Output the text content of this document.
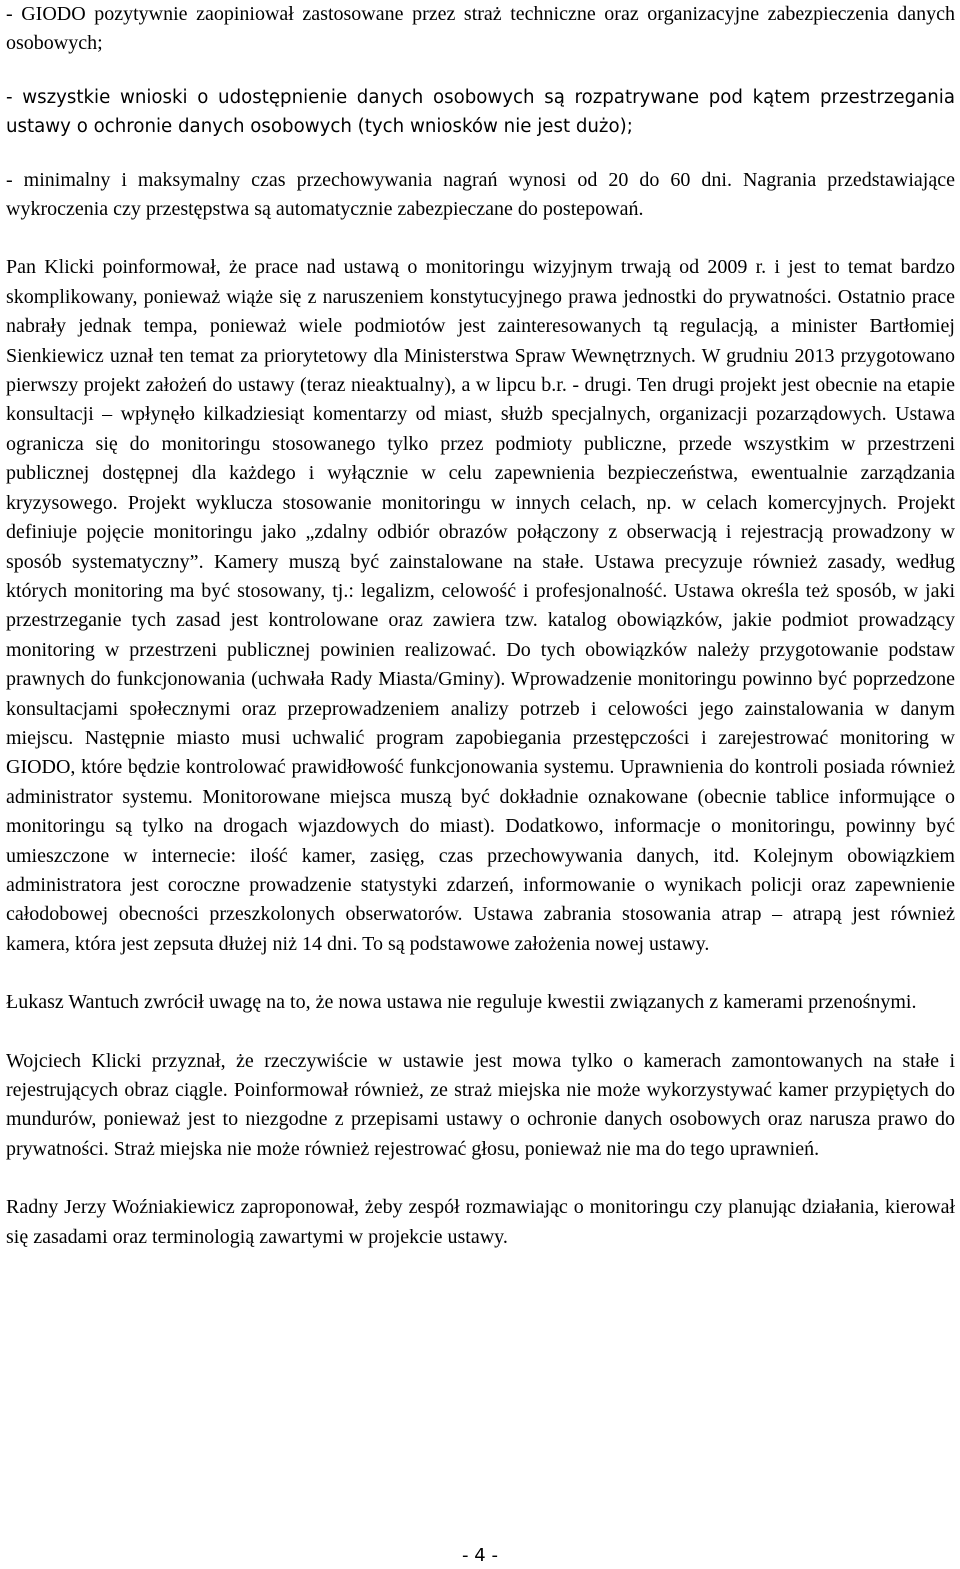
- GIODO pozytywnie zaopiniował zastosowane przez straż techniczne oraz organizacyjne zabezpieczenia danych osobowych;

- wszystkie wnioski o udostępnienie danych osobowych są rozpatrywane pod kątem przestrzegania ustawy o ochronie danych osobowych (tych wniosków nie jest dużo);

- minimalny i maksymalny czas przechowywania nagrań wynosi od 20 do 60 dni. Nagrania przedstawiające wykroczenia czy przestępstwa są automatycznie zabezpieczane do postepowań.

Pan Klicki poinformował, że prace nad ustawą o monitoringu wizyjnym trwają od 2009 r. i jest to temat bardzo skomplikowany, ponieważ wiąże się z naruszeniem konstytucyjnego prawa jednostki do prywatności. Ostatnio prace nabrały jednak tempa, ponieważ wiele podmiotów jest zainteresowanych tą regulacją, a minister Bartłomiej Sienkiewicz uznał ten temat za priorytetowy dla Ministerstwa Spraw Wewnętrznych. W grudniu 2013 przygotowano pierwszy projekt założeń do ustawy (teraz nieaktualny), a w lipcu b.r. - drugi. Ten drugi projekt jest obecnie na etapie konsultacji – wpłynęło kilkadziesiąt komentarzy od miast, służb specjalnych, organizacji pozarządowych. Ustawa ogranicza się do monitoringu stosowanego tylko przez podmioty publiczne, przede wszystkim w przestrzeni publicznej dostępnej dla każdego i wyłącznie w celu zapewnienia bezpieczeństwa, ewentualnie zarządzania kryzysowego. Projekt wyklucza stosowanie monitoringu w innych celach, np. w celach komercyjnych. Projekt definiuje pojęcie monitoringu jako „zdalny odbiór obrazów połączony z obserwacją i rejestracją prowadzony w sposób systematyczny”. Kamery muszą być zainstalowane na stałe. Ustawa precyzuje również zasady, według których monitoring ma być stosowany, tj.: legalizm, celowość i profesjonalność. Ustawa określa też sposób, w jaki przestrzeganie tych zasad jest kontrolowane oraz zawiera tzw. katalog obowiązków, jakie podmiot prowadzący monitoring w przestrzeni publicznej powinien realizować. Do tych obowiązków należy przygotowanie podstaw prawnych do funkcjonowania (uchwała Rady Miasta/Gminy). Wprowadzenie monitoringu powinno być poprzedzone konsultacjami społecznymi oraz przeprowadzeniem analizy potrzeb i celowości jego zainstalowania w danym miejscu. Następnie miasto musi uchwalić program zapobiegania przestępczości i zarejestrować monitoring w GIODO, które będzie kontrolować prawidłowość funkcjonowania systemu. Uprawnienia do kontroli posiada również administrator systemu. Monitorowane miejsca muszą być dokładnie oznakowane (obecnie tablice informujące o monitoringu są tylko na drogach wjazdowych do miast). Dodatkowo, informacje o monitoringu, powinny być umieszczone w internecie: ilość kamer, zasięg, czas przechowywania danych, itd. Kolejnym obowiązkiem administratora jest coroczne prowadzenie statystyki zdarzeń, informowanie o wynikach policji oraz zapewnienie całodobowej obecności przeszkolonych obserwatorów. Ustawa zabrania stosowania atrap – atrapą jest również kamera, która jest zepsuta dłużej niż 14 dni. To są podstawowe założenia nowej ustawy.

Łukasz Wantuch zwrócił uwagę na to, że nowa ustawa nie reguluje kwestii związanych z kamerami przenośnymi.

Wojciech Klicki przyznał, że rzeczywiście w ustawie jest mowa tylko o kamerach zamontowanych na stałe i rejestrujących obraz ciągle. Poinformował również, ze straż miejska nie może wykorzystywać kamer przypiętych do mundurów, ponieważ jest to niezgodne z przepisami ustawy o ochronie danych osobowych oraz narusza prawo do prywatności. Straż miejska nie może również rejestrować głosu, ponieważ nie ma do tego uprawnień.

Radny Jerzy Woźniakiewicz zaproponował, żeby zespół rozmawiając o monitoringu czy planując działania, kierował się zasadami oraz terminologią zawartymi w projekcie ustawy.

- 4 -
